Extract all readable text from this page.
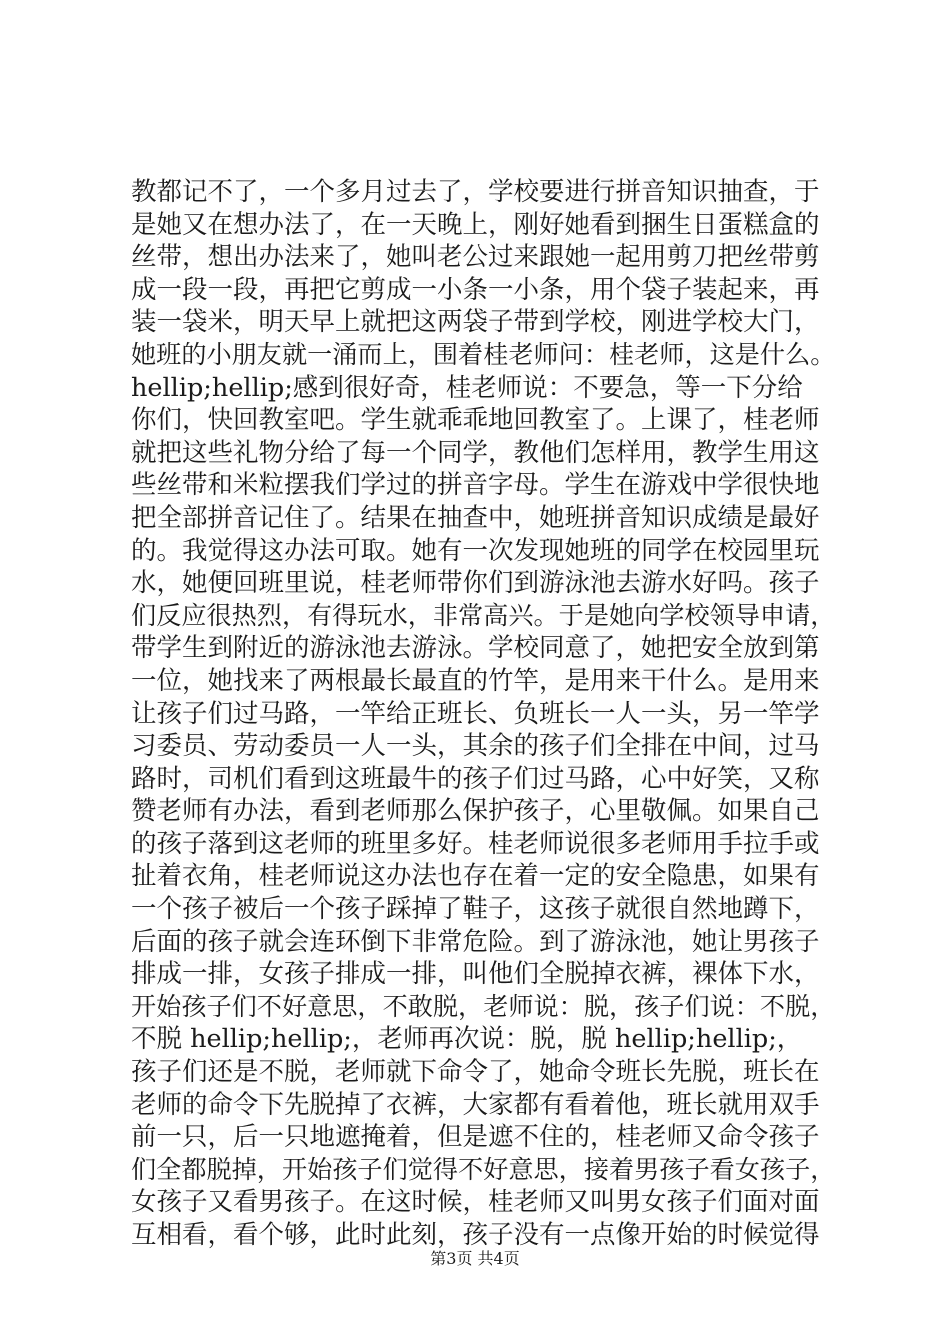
教都记不了，一个多月过去了，学校要进行拼音知识抽查，于
是她又在想办法了，在一天晚上，刚好她看到捆生日蛋糕盒的
丝带，想出办法来了，她叫老公过来跟她一起用剪刀把丝带剪
成一段一段，再把它剪成一小条一小条，用个袋子装起来，再
装一袋米，明天早上就把这两袋子带到学校，刚进学校大门，
她班的小朋友就一涌而上，围着桂老师问：桂老师，这是什么。
hellip;hellip;感到很好奇，桂老师说：不要急，等一下分给
你们，快回教室吧。学生就乖乖地回教室了。上课了，桂老师
就把这些礼物分给了每一个同学，教他们怎样用，教学生用这
些丝带和米粒摆我们学过的拼音字母。学生在游戏中学很快地
把全部拼音记住了。结果在抽查中，她班拼音知识成绩是最好
的。我觉得这办法可取。她有一次发现她班的同学在校园里玩
水，她便回班里说，桂老师带你们到游泳池去游水好吗。孩子
们反应很热烈，有得玩水，非常高兴。于是她向学校领导申请，
带学生到附近的游泳池去游泳。学校同意了，她把安全放到第
一位，她找来了两根最长最直的竹竿，是用来干什么。是用来
让孩子们过马路，一竿给正班长、负班长一人一头，另一竿学
习委员、劳动委员一人一头，其余的孩子们全排在中间，过马
路时，司机们看到这班最牛的孩子们过马路，心中好笑，又称
赞老师有办法，看到老师那么保护孩子，心里敬佩。如果自己
的孩子落到这老师的班里多好。桂老师说很多老师用手拉手或
扯着衣角，桂老师说这办法也存在着一定的安全隐患，如果有
一个孩子被后一个孩子踩掉了鞋子，这孩子就很自然地蹲下，
后面的孩子就会连环倒下非常危险。到了游泳池，她让男孩子
排成一排，女孩子排成一排，叫他们全脱掉衣裤，裸体下水，
开始孩子们不好意思，不敢脱，老师说：脱，孩子们说：不脱，
不脱 hellip;hellip;，老师再次说：脱，脱 hellip;hellip;，
孩子们还是不脱，老师就下命令了，她命令班长先脱，班长在
老师的命令下先脱掉了衣裤，大家都有看着他，班长就用双手
前一只，后一只地遮掩着，但是遮不住的，桂老师又命令孩子
们全都脱掉，开始孩子们觉得不好意思，接着男孩子看女孩子，
女孩子又看男孩子。在这时候，桂老师又叫男女孩子们面对面
互相看，看个够，此时此刻，孩子没有一点像开始的时候觉得
第3页 共4页
